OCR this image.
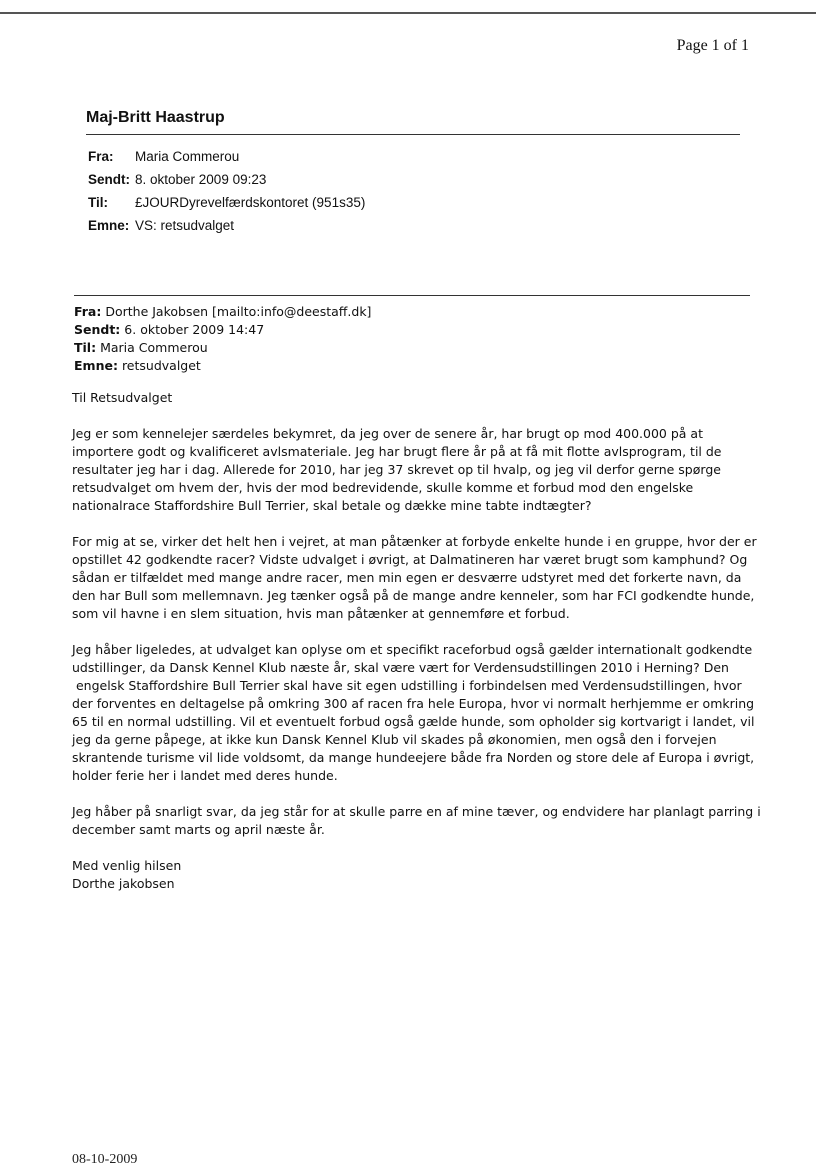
Page 1 of 1
Maj-Britt Haastrup
Fra: Maria Commerou
Sendt: 8. oktober 2009 09:23
Til: £JOURDyrevelfærdskontoret (951s35)
Emne: VS: retsudvalget
Fra: Dorthe Jakobsen [mailto:info@deestaff.dk]
Sendt: 6. oktober 2009 14:47
Til: Maria Commerou
Emne: retsudvalget

Til Retsudvalget

Jeg er som kennelejer særdeles bekymret, da jeg over de senere år, har brugt op mod 400.000 på at
importere godt og kvalificeret avlsmateriale. Jeg har brugt flere år på at få mit flotte avlsprogram, til de
resultater jeg har i dag. Allerede for 2010, har jeg 37 skrevet op til hvalp, og jeg vil derfor gerne spørge
retsudvalget om hvem der, hvis der mod bedrevidende, skulle komme et forbud mod den engelske
nationalrace Staffordshire Bull Terrier, skal betale og dække mine tabte indtægter?

For mig at se, virker det helt hen i vejret, at man påtænker at forbyde enkelte hunde i en gruppe, hvor der er
opstillet 42 godkendte racer? Vidste udvalget i øvrigt, at Dalmatineren har været brugt som kamphund? Og
sådan er tilfældet med mange andre racer, men min egen er desværre udstyret med det forkerte navn, da
den har Bull som mellemnavn. Jeg tænker også på de mange andre kenneler, som har FCI godkendte hunde,
som vil havne i en slem situation, hvis man påtænker at gennemføre et forbud.

Jeg håber ligeledes, at udvalget kan oplyse om et specifikt raceforbud også gælder internationalt godkendte
udstillinger, da Dansk Kennel Klub næste år, skal være vært for Verdensudstillingen 2010 i Herning? Den
engelsk Staffordshire Bull Terrier skal have sit egen udstilling i forbindelsen med Verdensudstillingen, hvor
der forventes en deltagelse på omkring 300 af racen fra hele Europa, hvor vi normalt herhjemme er omkring
65 til en normal udstilling. Vil et eventuelt forbud også gælde hunde, som opholder sig kortvarigt i landet, vil
jeg da gerne påpege, at ikke kun Dansk Kennel Klub vil skades på økonomien, men også den i forvejen
skrantende turisme vil lide voldsomt, da mange hundeejere både fra Norden og store dele af Europa i øvrigt,
holder ferie her i landet med deres hunde.

Jeg håber på snarligt svar, da jeg står for at skulle parre en af mine tæver, og endvidere har planlagt parring i
december samt marts og april næste år.

Med venlig hilsen
Dorthe jakobsen
08-10-2009
